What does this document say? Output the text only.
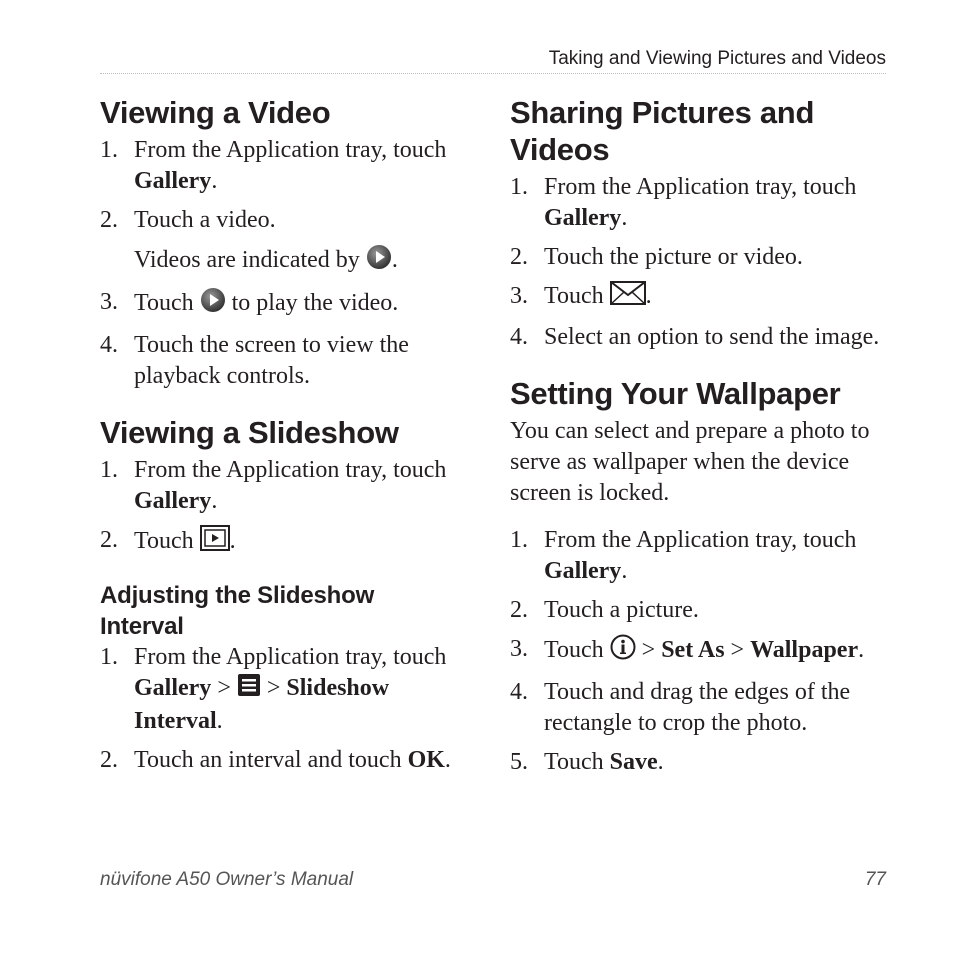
Taking and Viewing Pictures and Videos
Viewing a Video
1. From the Application tray, touch Gallery.
2. Touch a video.
Videos are indicated by .
3. Touch to play the video.
4. Touch the screen to view the playback controls.
Viewing a Slideshow
1. From the Application tray, touch Gallery.
2. Touch .
Adjusting the Slideshow Interval
1. From the Application tray, touch Gallery > > Slideshow Interval.
2. Touch an interval and touch OK.
Sharing Pictures and Videos
1. From the Application tray, touch Gallery.
2. Touch the picture or video.
3. Touch .
4. Select an option to send the image.
Setting Your Wallpaper

You can select and prepare a photo to serve as wallpaper when the device screen is locked.

1. From the Application tray, touch Gallery.
2. Touch a picture.
3. Touch > Set As > Wallpaper.
4. Touch and drag the edges of the rectangle to crop the photo.
5. Touch Save.
nüvifone A50 Owner’s Manual	77
